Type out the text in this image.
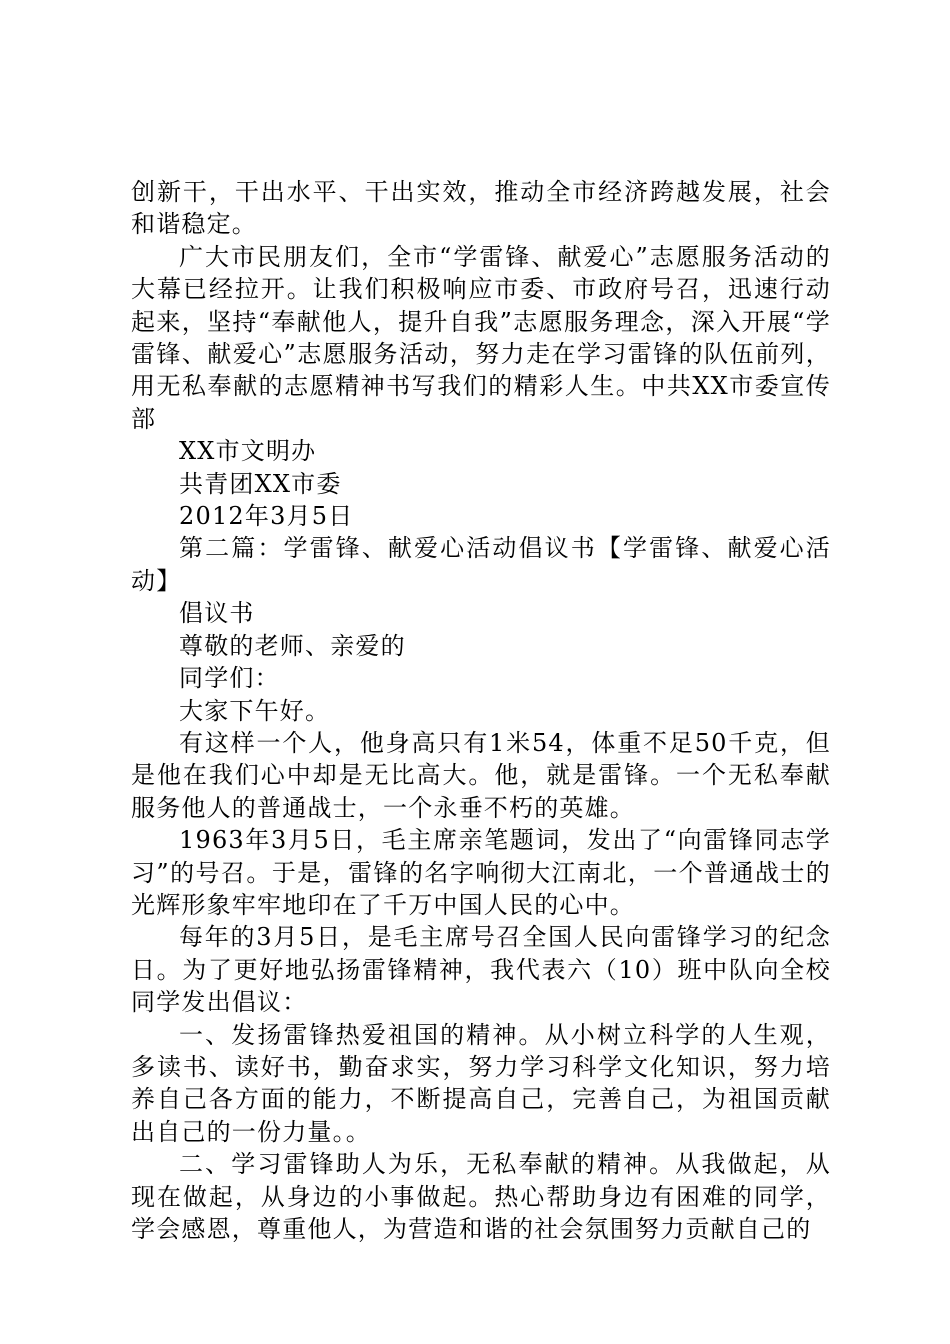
创新干，干出水平、干出实效，推动全市经济跨越发展，社会和谐稳定。

广大市民朋友们，全市“学雷锋、献爱心”志愿服务活动的大幕已经拉开。让我们积极响应市委、市政府号召，迅速行动起来，坚持“奉献他人，提升自我”志愿服务理念，深入开展“学雷锋、献爱心”志愿服务活动，努力走在学习雷锋的队伍前列，用无私奉献的志愿精神书写我们的精彩人生。中共XX市委宣传部

XX市文明办

共青团XX市委

2012年3月5日

第二篇：学雷锋、献爱心活动倡议书【学雷锋、献爱心活动】

倡议书

尊敬的老师、亲爱的

同学们：

大家下午好。

有这样一个人，他身高只有1米54，体重不足50千克，但是他在我们心中却是无比高大。他，就是雷锋。一个无私奉献服务他人的普通战士，一个永垂不朽的英雄。

1963年3月5日，毛主席亲笔题词，发出了“向雷锋同志学习”的号召。于是，雷锋的名字响彻大江南北，一个普通战士的光辉形象牢牢地印在了千万中国人民的心中。

每年的3月5日，是毛主席号召全国人民向雷锋学习的纪念日。为了更好地弘扬雷锋精神，我代表六（10）班中队向全校同学发出倡议：

一、发扬雷锋热爱祖国的精神。从小树立科学的人生观，多读书、读好书，勤奋求实，努力学习科学文化知识，努力培养自己各方面的能力，不断提高自己，完善自己，为祖国贡献出自己的一份力量。。

二、学习雷锋助人为乐，无私奉献的精神。从我做起，从现在做起，从身边的小事做起。热心帮助身边有困难的同学，学会感恩，尊重他人，为营造和谐的社会氛围努力贡献自己的
